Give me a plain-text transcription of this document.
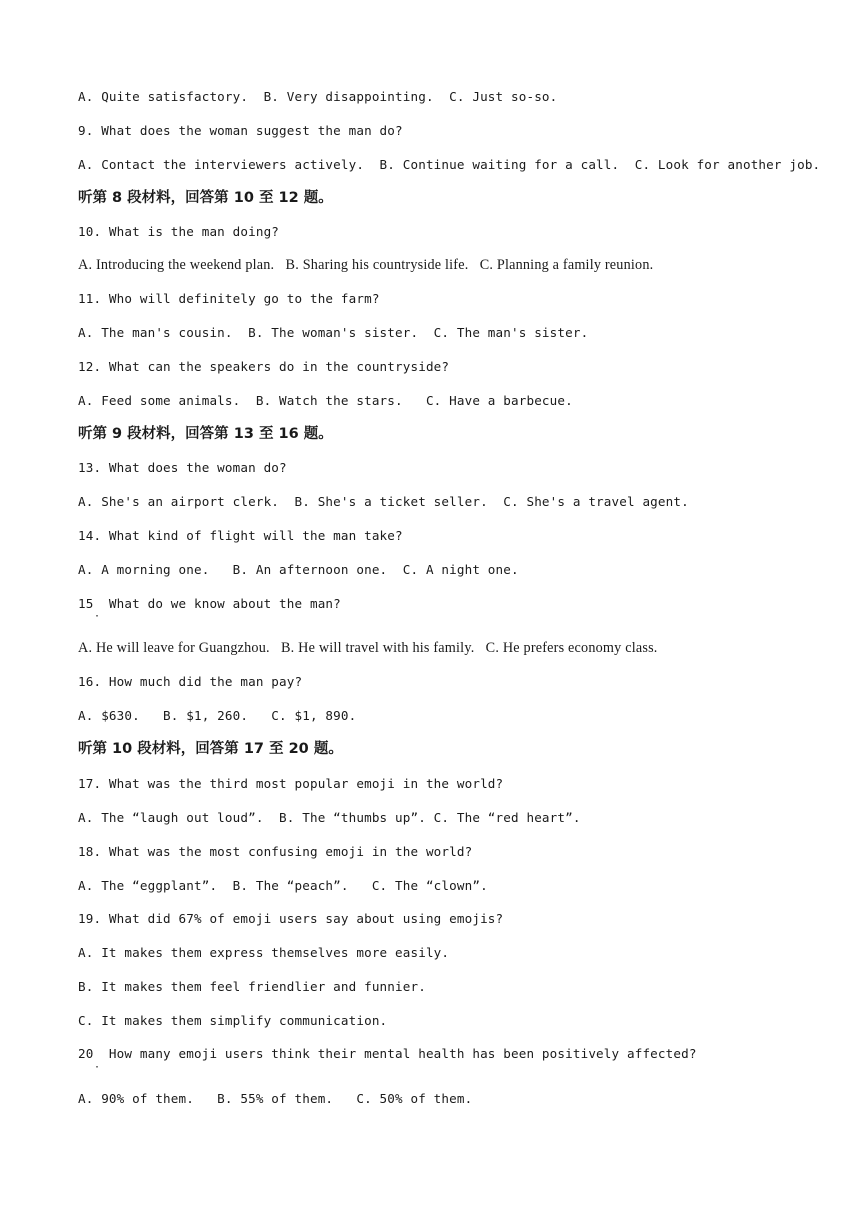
A. Quite satisfactory.  B. Very disappointing.  C. Just so-so.
9. What does the woman suggest the man do?
A. Contact the interviewers actively.  B. Continue waiting for a call.  C. Look for another job.
听第 8 段材料，回答第 10 至 12 题。
10. What is the man doing?
A. Introducing the weekend plan.   B. Sharing his countryside life.   C. Planning a family reunion.
11. Who will definitely go to the farm?
A. The man's cousin.  B. The woman's sister.  C. The man's sister.
12. What can the speakers do in the countryside?
A. Feed some animals.  B. Watch the stars.   C. Have a barbecue.
听第 9 段材料，回答第 13 至 16 题。
13. What does the woman do?
A. She's an airport clerk.  B. She's a ticket seller.  C. She's a travel agent.
14. What kind of flight will the man take?
A. A morning one.   B. An afternoon one.  C. A night one.
15  What do we know about the man?
·
A. He will leave for Guangzhou.   B. He will travel with his family.   C. He prefers economy class.
16. How much did the man pay?
A. $630.   B. $1, 260.   C. $1, 890.
听第 10 段材料，回答第 17 至 20 题。
17. What was the third most popular emoji in the world?
A. The “laugh out loud”.  B. The “thumbs up”. C. The “red heart”.
18. What was the most confusing emoji in the world?
A. The “eggplant”.  B. The “peach”.   C. The “clown”.
19. What did 67% of emoji users say about using emojis?
A. It makes them express themselves more easily.
B. It makes them feel friendlier and funnier.
C. It makes them simplify communication.
20  How many emoji users think their mental health has been positively affected?
·
A. 90% of them.   B. 55% of them.   C. 50% of them.
